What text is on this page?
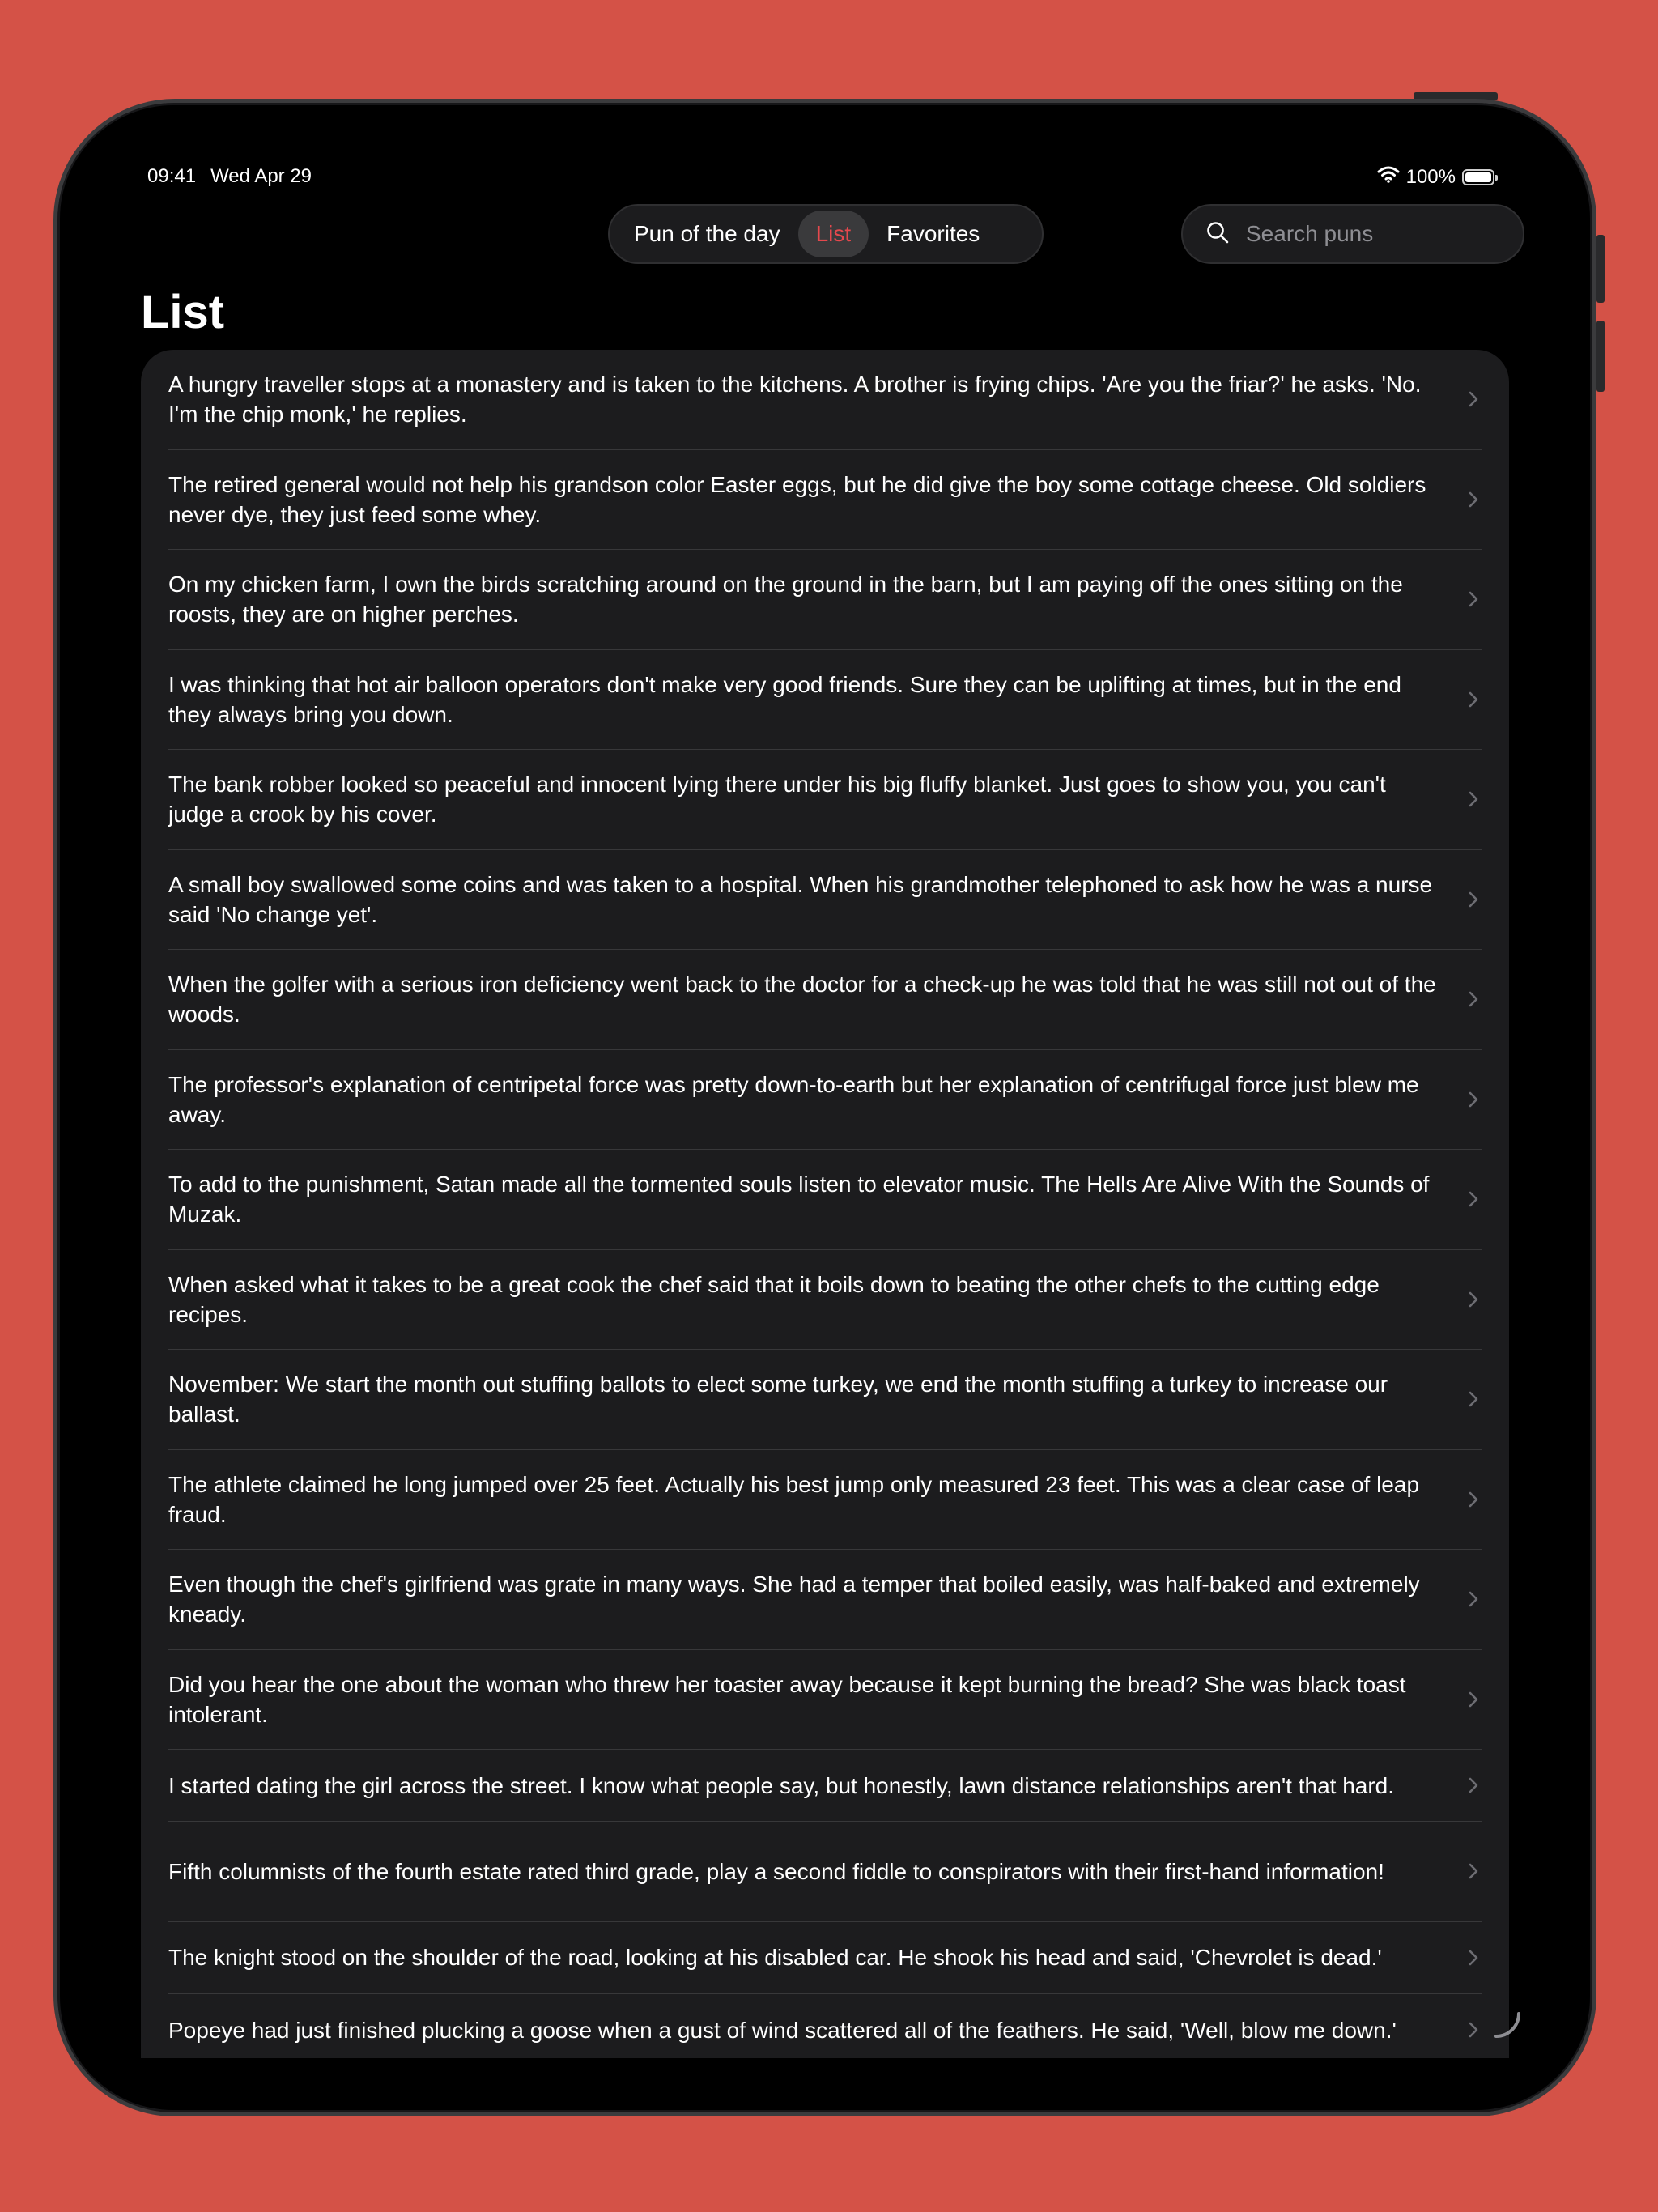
09:41 Wed Apr 29	100%
Pun of the day	List	Favorites
Search puns
List
A hungry traveller stops at a monastery and is taken to the kitchens. A brother is frying chips. 'Are you the friar?' he asks. 'No. I'm the chip monk,' he replies.
The retired general would not help his grandson color Easter eggs, but he did give the boy some cottage cheese. Old soldiers never dye, they just feed some whey.
On my chicken farm, I own the birds scratching around on the ground in the barn, but I am paying off the ones sitting on the roosts, they are on higher perches.
I was thinking that hot air balloon operators don't make very good friends. Sure they can be uplifting at times, but in the end they always bring you down.
The bank robber looked so peaceful and innocent lying there under his big fluffy blanket. Just goes to show you, you can't judge a crook by his cover.
A small boy swallowed some coins and was taken to a hospital. When his grandmother telephoned to ask how he was a nurse said 'No change yet'.
When the golfer with a serious iron deficiency went back to the doctor for a check-up he was told that he was still not out of the woods.
The professor's explanation of centripetal force was pretty down-to-earth but her explanation of centrifugal force just blew me away.
To add to the punishment, Satan made all the tormented souls listen to elevator music. The Hells Are Alive With the Sounds of Muzak.
When asked what it takes to be a great cook the chef said that it boils down to beating the other chefs to the cutting edge recipes.
November: We start the month out stuffing ballots to elect some turkey, we end the month stuffing a turkey to increase our ballast.
The athlete claimed he long jumped over 25 feet. Actually his best jump only measured 23 feet. This was a clear case of leap fraud.
Even though the chef's girlfriend was grate in many ways. She had a temper that boiled easily, was half-baked and extremely kneady.
Did you hear the one about the woman who threw her toaster away because it kept burning the bread? She was black toast intolerant.
I started dating the girl across the street. I know what people say, but honestly, lawn distance relationships aren't that hard.
Fifth columnists of the fourth estate rated third grade, play a second fiddle to conspirators with their first-hand information!
The knight stood on the shoulder of the road, looking at his disabled car. He shook his head and said, 'Chevrolet is dead.'
Popeye had just finished plucking a goose when a gust of wind scattered all of the feathers. He said, 'Well, blow me down.'
